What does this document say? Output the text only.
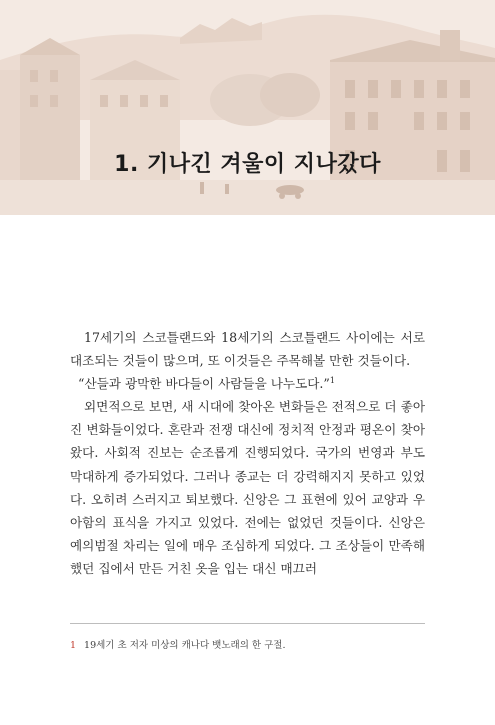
1. 기나긴 겨울이 지나갔다

17세기의 스코틀랜드와 18세기의 스코틀랜드 사이에는 서로 대조되는 것들이 많으며, 또 이것들은 주목해볼 만한 것들이다.

“산들과 광막한 바다들이 사람들을 나누도다.”$^1$

외면적으로 보면, 새 시대에 찾아온 변화들은 전적으로 더 좋아진 변화들이었다. 혼란과 전쟁 대신에 정치적 안정과 평온이 찾아왔다. 사회적 진보는 순조롭게 진행되었다. 국가의 번영과 부도 막대하게 증가되었다. 그러나 종교는 더 강력해지지 못하고 있었다. 오히려 스러지고 퇴보했다. 신앙은 그 표현에 있어 교양과 우아함의 표식을 가지고 있었다. 전에는 없었던 것들이다. 신앙은 예의범절 차리는 일에 매우 조심하게 되었다. 그 조상들이 만족해했던 집에서 만든 거친 옷을 입는 대신 매끄러

1 19세기 초 저자 미상의 캐나다 뱃노래의 한 구절.
